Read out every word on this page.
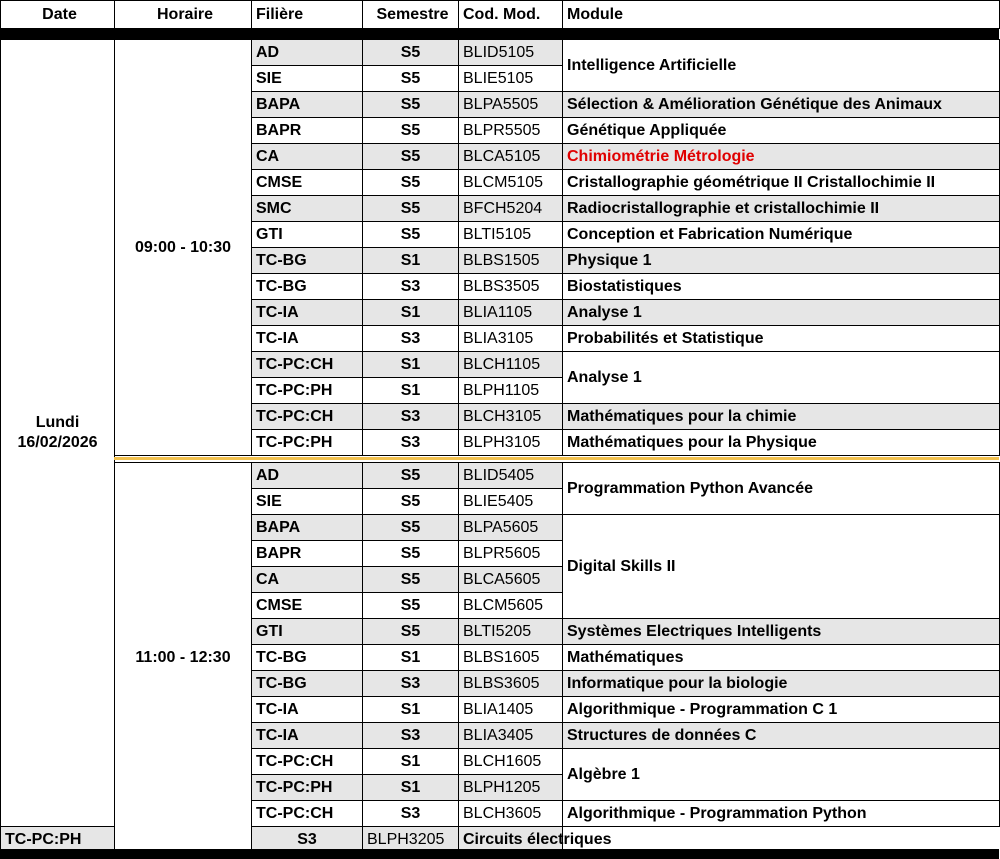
Date	Horaire	Filière	Semestre	Cod. Mod.	Module

Lundi
16/02/2026	09:00 - 10:30	AD	S5	BLID5105	Intelligence Artificielle
		SIE	S5	BLIE5105	
		BAPA	S5	BLPA5505	Sélection & Amélioration Génétique des Animaux
		BAPR	S5	BLPR5505	Génétique Appliquée
		CA	S5	BLCA5105	Chimiométrie Métrologie
		CMSE	S5	BLCM5105	Cristallographie géométrique II Cristallochimie II
		SMC	S5	BFCH5204	Radiocristallographie et cristallochimie II
		GTI	S5	BLTI5105	Conception et Fabrication Numérique
		TC-BG	S1	BLBS1505	Physique 1
		TC-BG	S3	BLBS3505	Biostatistiques
		TC-IA	S1	BLIA1105	Analyse 1
		TC-IA	S3	BLIA3105	Probabilités et Statistique
		TC-PC:CH	S1	BLCH1105	Analyse 1
		TC-PC:PH	S1	BLPH1105	
		TC-PC:CH	S3	BLCH3105	Mathématiques pour la chimie
		TC-PC:PH	S3	BLPH3105	Mathématiques pour la Physique

	11:00 - 12:30	AD	S5	BLID5405	Programmation Python Avancée
		SIE	S5	BLIE5405	
		BAPA	S5	BLPA5605	Digital Skills II
		BAPR	S5	BLPR5605	
		CA	S5	BLCA5605	
		CMSE	S5	BLCM5605	
		GTI	S5	BLTI5205	Systèmes Electriques Intelligents
		TC-BG	S1	BLBS1605	Mathématiques
		TC-BG	S3	BLBS3605	Informatique pour la biologie
		TC-IA	S1	BLIA1405	Algorithmique - Programmation C 1
		TC-IA	S3	BLIA3405	Structures de données C
		TC-PC:CH	S1	BLCH1605	Algèbre 1
		TC-PC:PH	S1	BLPH1205	
		TC-PC:CH	S3	BLCH3605	Algorithmique - Programmation Python
TC-PC:PH		S3	BLPH3205	Circuits électriques	
